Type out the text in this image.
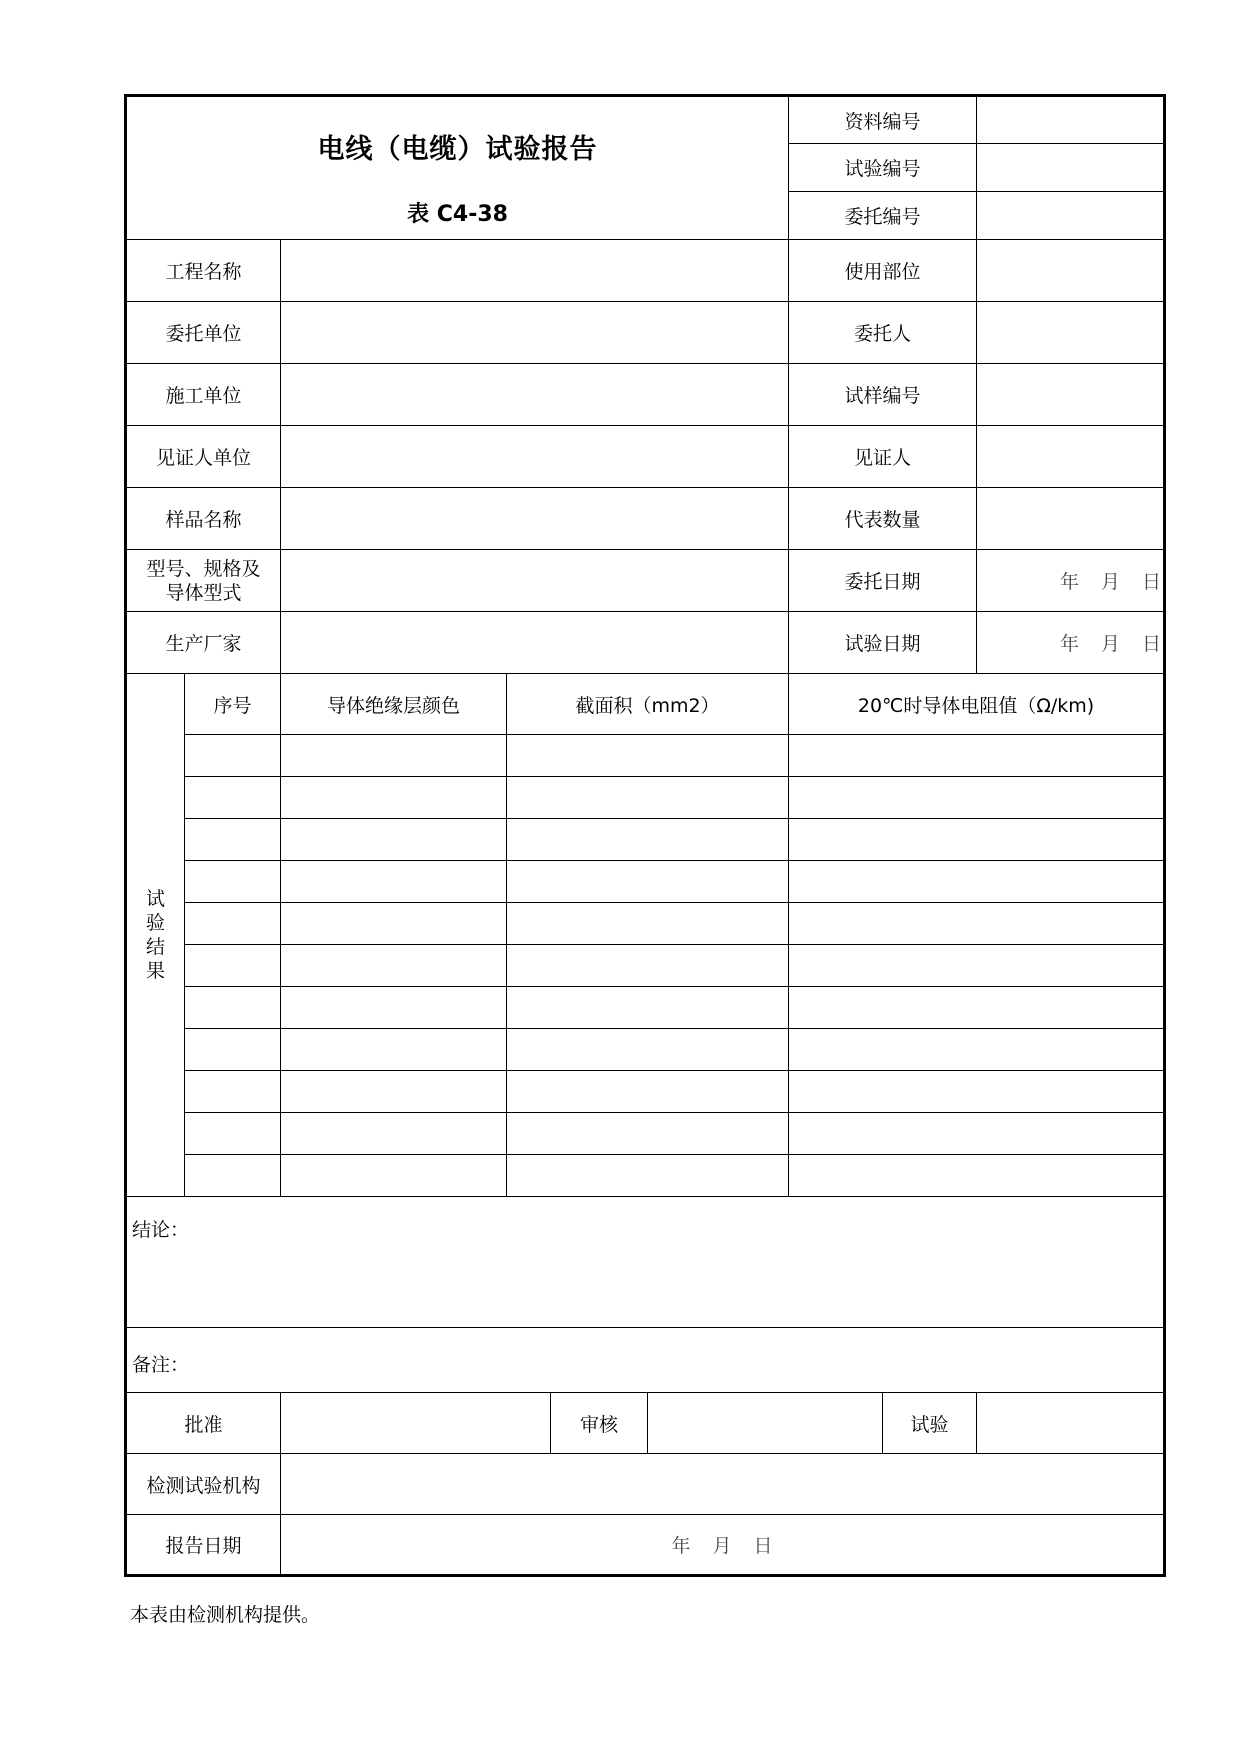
电线（电缆）试验报告
表 C4-38						资料编号		
						试验编号		
						委托编号		
工程名称						使用部位		
委托单位						委托人		
施工单位						试样编号		
见证人单位						见证人		
样品名称						代表数量		

型号、规格及
导体型式						委托日期		年 月 日
生产厂家						试验日期		年 月 日

试
验
结
果	序号	导体绝缘层颜色	截面积（mm2）			20℃时导体电阻值（Ω/km)		

结论：								
备注：								
批准				审核			试验	
检测试验机构								
报告日期		年 月 日						
本表由检测机构提供。
